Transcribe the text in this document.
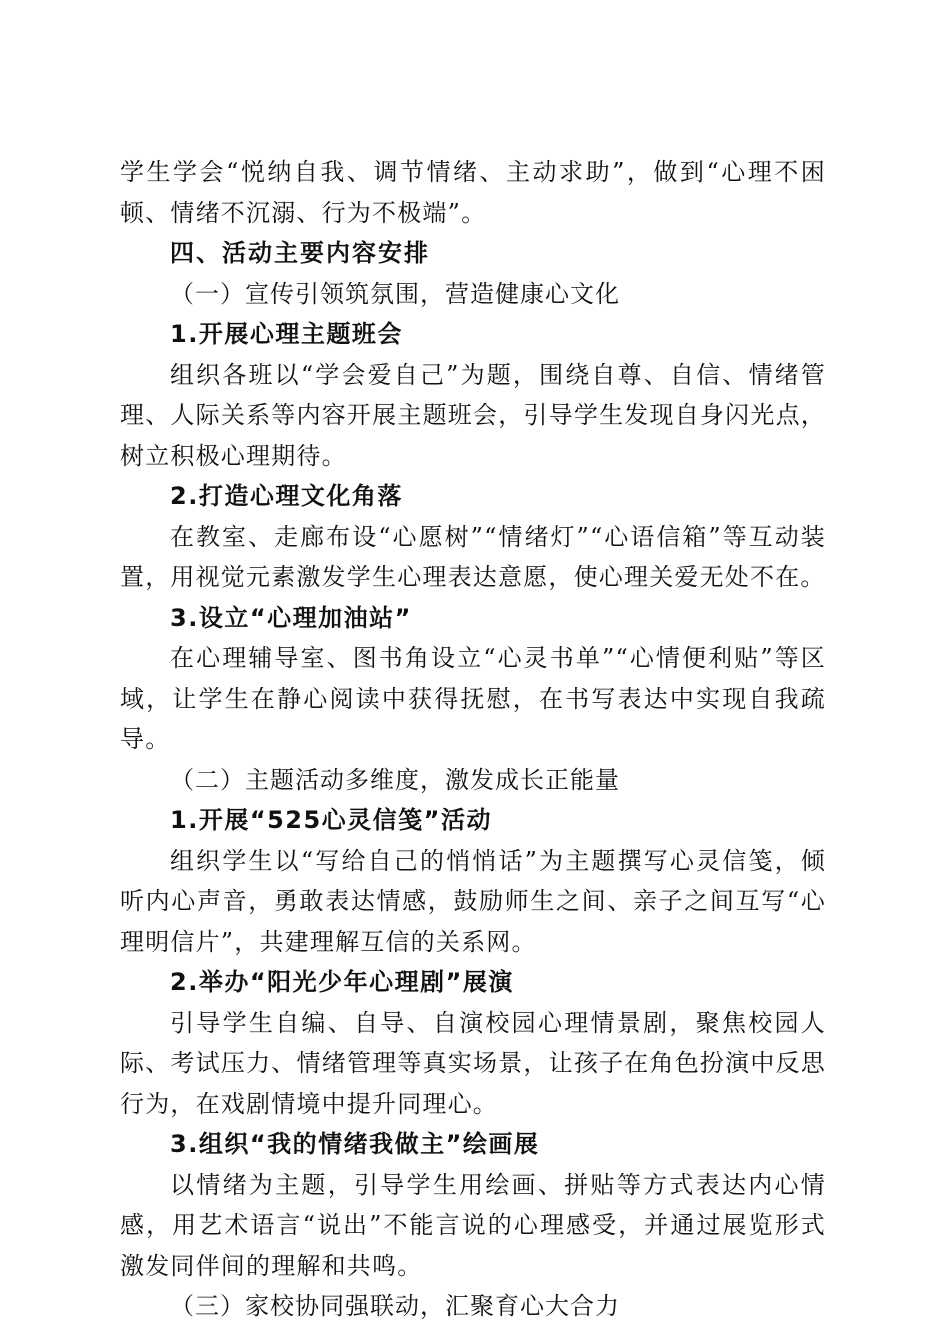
学生学会“悦纳自我、调节情绪、主动求助”，做到“心理不困顿、情绪不沉溺、行为不极端”。

四、活动主要内容安排

（一）宣传引领筑氛围，营造健康心文化

1.开展心理主题班会

组织各班以“学会爱自己”为题，围绕自尊、自信、情绪管理、人际关系等内容开展主题班会，引导学生发现自身闪光点，树立积极心理期待。

2.打造心理文化角落

在教室、走廊布设“心愿树”“情绪灯”“心语信箱”等互动装置，用视觉元素激发学生心理表达意愿，使心理关爱无处不在。

3.设立“心理加油站”

在心理辅导室、图书角设立“心灵书单”“心情便利贴”等区域，让学生在静心阅读中获得抚慰，在书写表达中实现自我疏导。

（二）主题活动多维度，激发成长正能量

1.开展“525心灵信笺”活动

组织学生以“写给自己的悄悄话”为主题撰写心灵信笺，倾听内心声音，勇敢表达情感，鼓励师生之间、亲子之间互写“心理明信片”，共建理解互信的关系网。

2.举办“阳光少年心理剧”展演

引导学生自编、自导、自演校园心理情景剧，聚焦校园人际、考试压力、情绪管理等真实场景，让孩子在角色扮演中反思行为，在戏剧情境中提升同理心。

3.组织“我的情绪我做主”绘画展

以情绪为主题，引导学生用绘画、拼贴等方式表达内心情感，用艺术语言“说出”不能言说的心理感受，并通过展览形式激发同伴间的理解和共鸣。

（三）家校协同强联动，汇聚育心大合力
